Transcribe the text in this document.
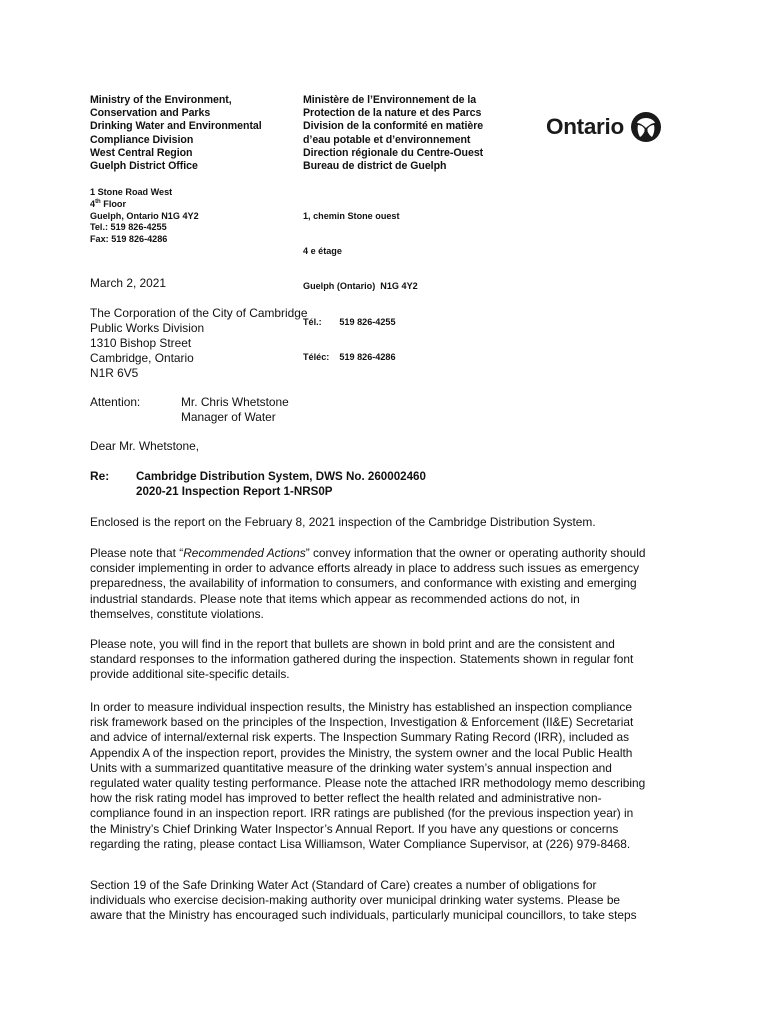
Ministry of the Environment,
Conservation and Parks
Drinking Water and Environmental
Compliance Division
West Central Region
Guelph District Office
Ministère de l’Environnement de la
Protection de la nature et des Parcs
Division de la conformité en matière
d’eau potable et d’environnement
Direction régionale du Centre-Ouest
Bureau de district de Guelph
Ontario
1 Stone Road West
4th Floor
Guelph, Ontario N1G 4Y2
Tel.: 519 826-4255
Fax: 519 826-4286

1, chemin Stone ouest

4 e étage

Guelph (Ontario)  N1G 4Y2

Tél.:       519 826-4255

Téléc:    519 826-4286

March 2, 2021
The Corporation of the City of Cambridge
Public Works Division
1310 Bishop Street
Cambridge, Ontario
N1R 6V5
Attention:	Mr. Chris Whetstone
Manager of Water
Dear Mr. Whetstone,
Re: Cambridge Distribution System, DWS No. 260002460
2020-21 Inspection Report 1-NRS0P
Enclosed is the report on the February 8, 2021 inspection of the Cambridge Distribution System.
Please note that “Recommended Actions” convey information that the owner or operating authority should
consider implementing in order to advance efforts already in place to address such issues as emergency
preparedness, the availability of information to consumers, and conformance with existing and emerging
industrial standards. Please note that items which appear as recommended actions do not, in
themselves, constitute violations.
Please note, you will find in the report that bullets are shown in bold print and are the consistent and
standard responses to the information gathered during the inspection. Statements shown in regular font
provide additional site-specific details.
In order to measure individual inspection results, the Ministry has established an inspection compliance
risk framework based on the principles of the Inspection, Investigation & Enforcement (II&E) Secretariat
and advice of internal/external risk experts. The Inspection Summary Rating Record (IRR), included as
Appendix A of the inspection report, provides the Ministry, the system owner and the local Public Health
Units with a summarized quantitative measure of the drinking water system’s annual inspection and
regulated water quality testing performance. Please note the attached IRR methodology memo describing
how the risk rating model has improved to better reflect the health related and administrative non-
compliance found in an inspection report. IRR ratings are published (for the previous inspection year) in
the Ministry’s Chief Drinking Water Inspector’s Annual Report. If you have any questions or concerns
regarding the rating, please contact Lisa Williamson, Water Compliance Supervisor, at (226) 979-8468.
Section 19 of the Safe Drinking Water Act (Standard of Care) creates a number of obligations for
individuals who exercise decision-making authority over municipal drinking water systems. Please be
aware that the Ministry has encouraged such individuals, particularly municipal councillors, to take steps
